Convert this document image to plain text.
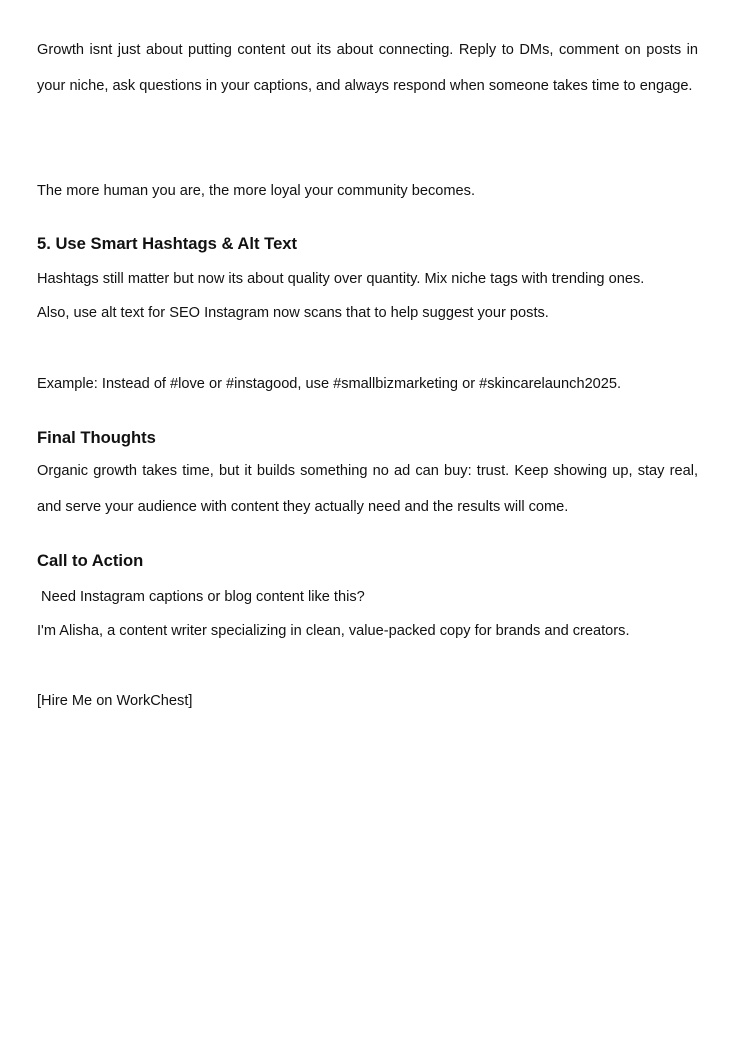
Growth isnt just about putting content out its about connecting. Reply to DMs, comment on posts in your niche, ask questions in your captions, and always respond when someone takes time to engage.

The more human you are, the more loyal your community becomes.

5. Use Smart Hashtags & Alt Text

Hashtags still matter but now its about quality over quantity. Mix niche tags with trending ones.

Also, use alt text for SEO Instagram now scans that to help suggest your posts.

Example: Instead of #love or #instagood, use #smallbizmarketing or #skincarelaunch2025.

Final Thoughts

Organic growth takes time, but it builds something no ad can buy: trust. Keep showing up, stay real, and serve your audience with content they actually need and the results will come.

Call to Action

Need Instagram captions or blog content like this?

I'm Alisha, a content writer specializing in clean, value-packed copy for brands and creators.

[Hire Me on WorkChest]
